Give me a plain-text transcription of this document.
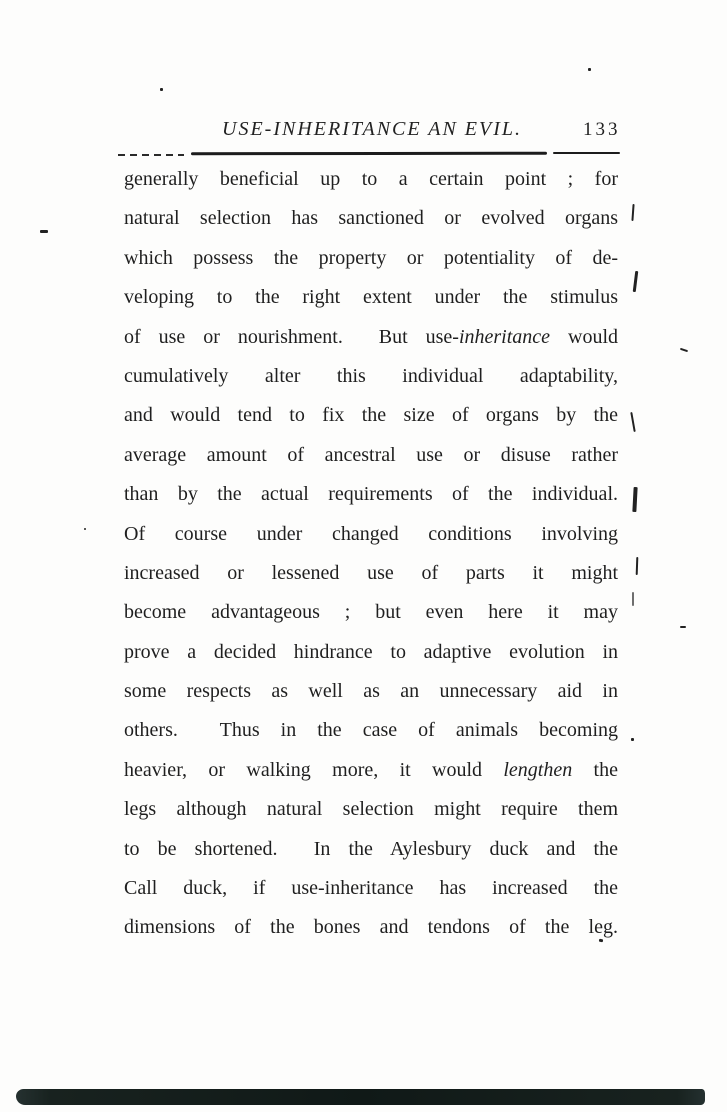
USE-INHERITANCE AN EVIL.	133
generally beneficial up to a certain point ; for
natural selection has sanctioned or evolved organs
which possess the property or potentiality of de-
veloping to the right extent under the stimulus
of use or nourishment.  But use-inheritance would
cumulatively alter this individual adaptability,
and would tend to fix the size of organs by the
average amount of ancestral use or disuse rather
than by the actual requirements of the individual.
Of course under changed conditions involving
increased or lessened use of parts it might
become advantageous ; but even here it may
prove a decided hindrance to adaptive evolution in
some respects as well as an unnecessary aid in
others.  Thus in the case of animals becoming
heavier, or walking more, it would lengthen the
legs although natural selection might require them
to be shortened.  In the Aylesbury duck and the
Call duck, if use-inheritance has increased the
dimensions of the bones and tendons of the leg.
